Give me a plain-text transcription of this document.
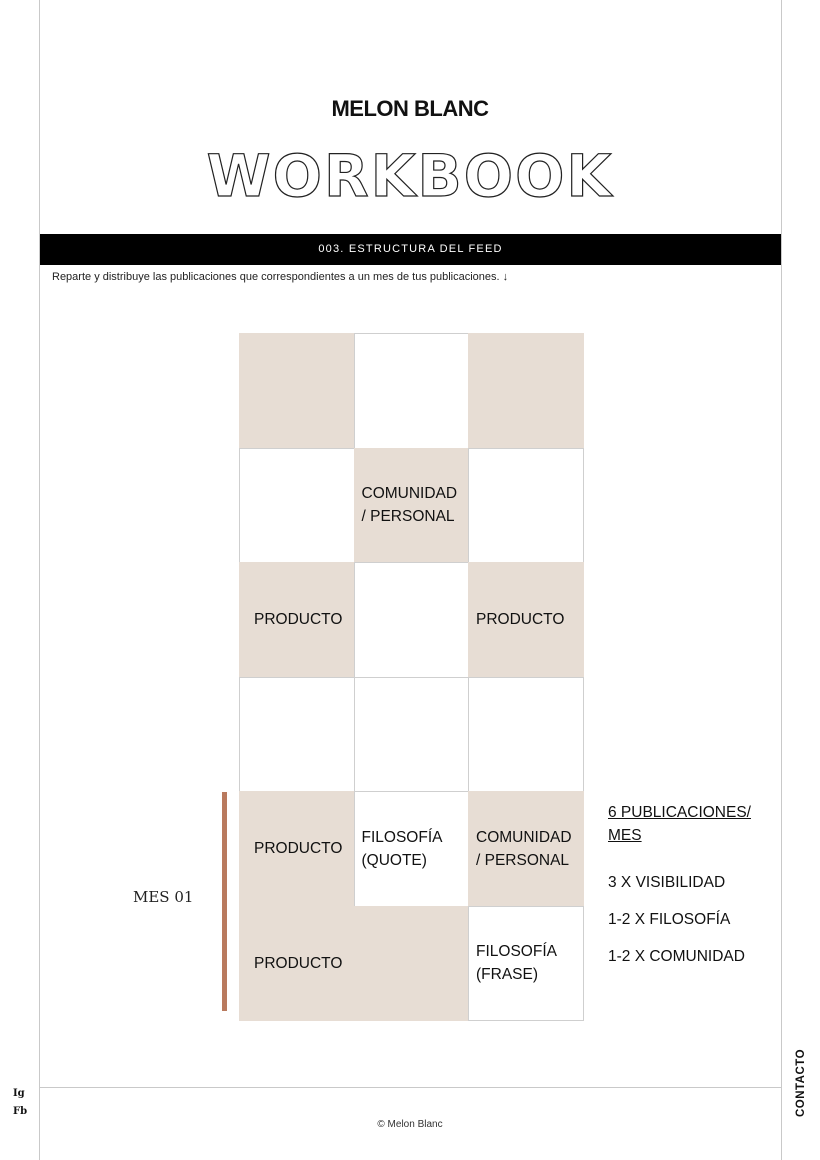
MELON BLANC
WORKBOOK
003. ESTRUCTURA DEL FEED
Reparte y distribuye las publicaciones que correspondientes a un mes de tus publicaciones. ↓
COMUNIDAD
/ PERSONAL
PRODUCTO	PRODUCTO
PRODUCTO
FILOSOFÍA
(QUOTE)
COMUNIDAD
/ PERSONAL
PRODUCTO
FILOSOFÍA
(FRASE)
MES 01
6 PUBLICACIONES/
MES
3 X VISIBILIDAD
1-2 X FILOSOFÍA
1-2 X COMUNIDAD
Ig
Fb
© Melon Blanc
CONTACTO
